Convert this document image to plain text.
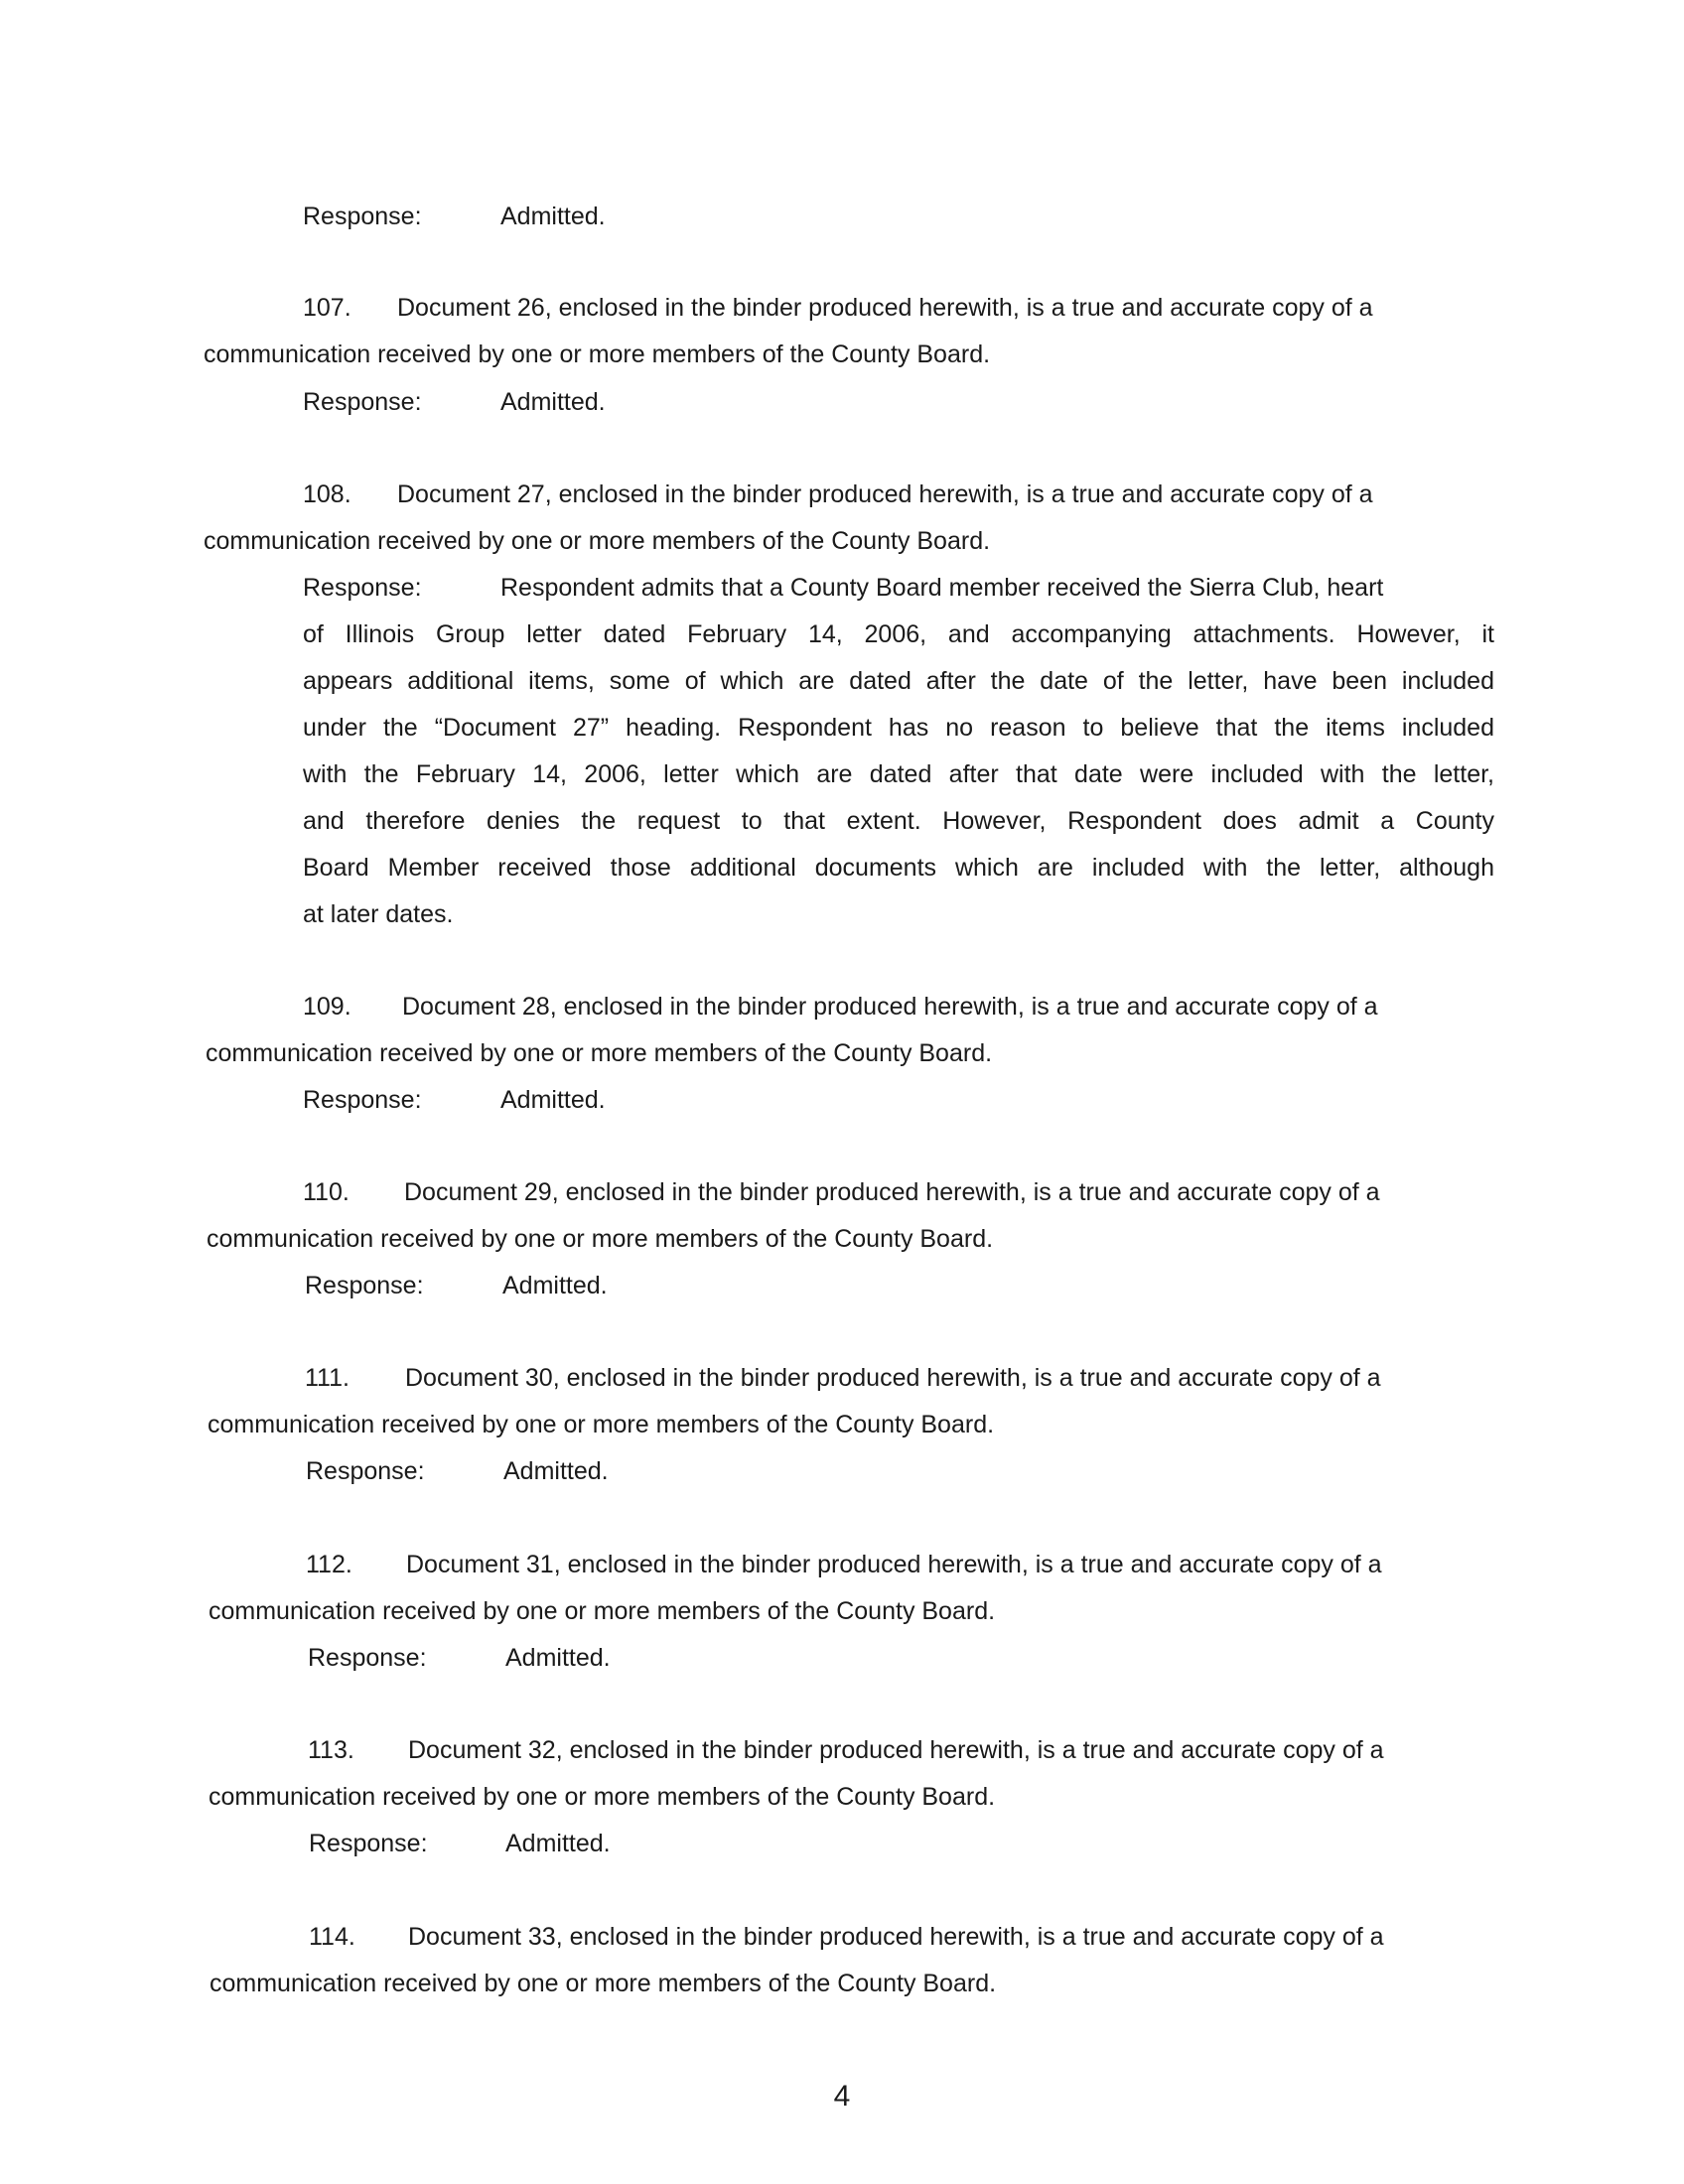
Response:	Admitted.
107. Document 26, enclosed in the binder produced herewith, is a true and accurate copy of a
communication received by one or more members of the County Board.
Response:	Admitted.
108. Document 27, enclosed in the binder produced herewith, is a true and accurate copy of a
communication received by one or more members of the County Board.
Response:	Respondent admits that a County Board member received the Sierra Club, heart
of Illinois Group letter dated February 14, 2006, and accompanying attachments. However, it
appears additional items, some of which are dated after the date of the letter, have been included
under the “Document 27” heading. Respondent has no reason to believe that the items included
with the February 14, 2006, letter which are dated after that date were included with the letter,
and therefore denies the request to that extent. However, Respondent does admit a County
Board Member received those additional documents which are included with the letter, although
at later dates.
109. Document 28, enclosed in the binder produced herewith, is a true and accurate copy of a
communication received by one or more members of the County Board.
Response:	Admitted.
110. Document 29, enclosed in the binder produced herewith, is a true and accurate copy of a
communication received by one or more members of the County Board.
Response:	Admitted.
111. Document 30, enclosed in the binder produced herewith, is a true and accurate copy of a
communication received by one or more members of the County Board.
Response:	Admitted.
112. Document 31, enclosed in the binder produced herewith, is a true and accurate copy of a
communication received by one or more members of the County Board.
Response:	Admitted.
113. Document 32, enclosed in the binder produced herewith, is a true and accurate copy of a
communication received by one or more members of the County Board.
Response:	Admitted.
114. Document 33, enclosed in the binder produced herewith, is a true and accurate copy of a
communication received by one or more members of the County Board.
4
